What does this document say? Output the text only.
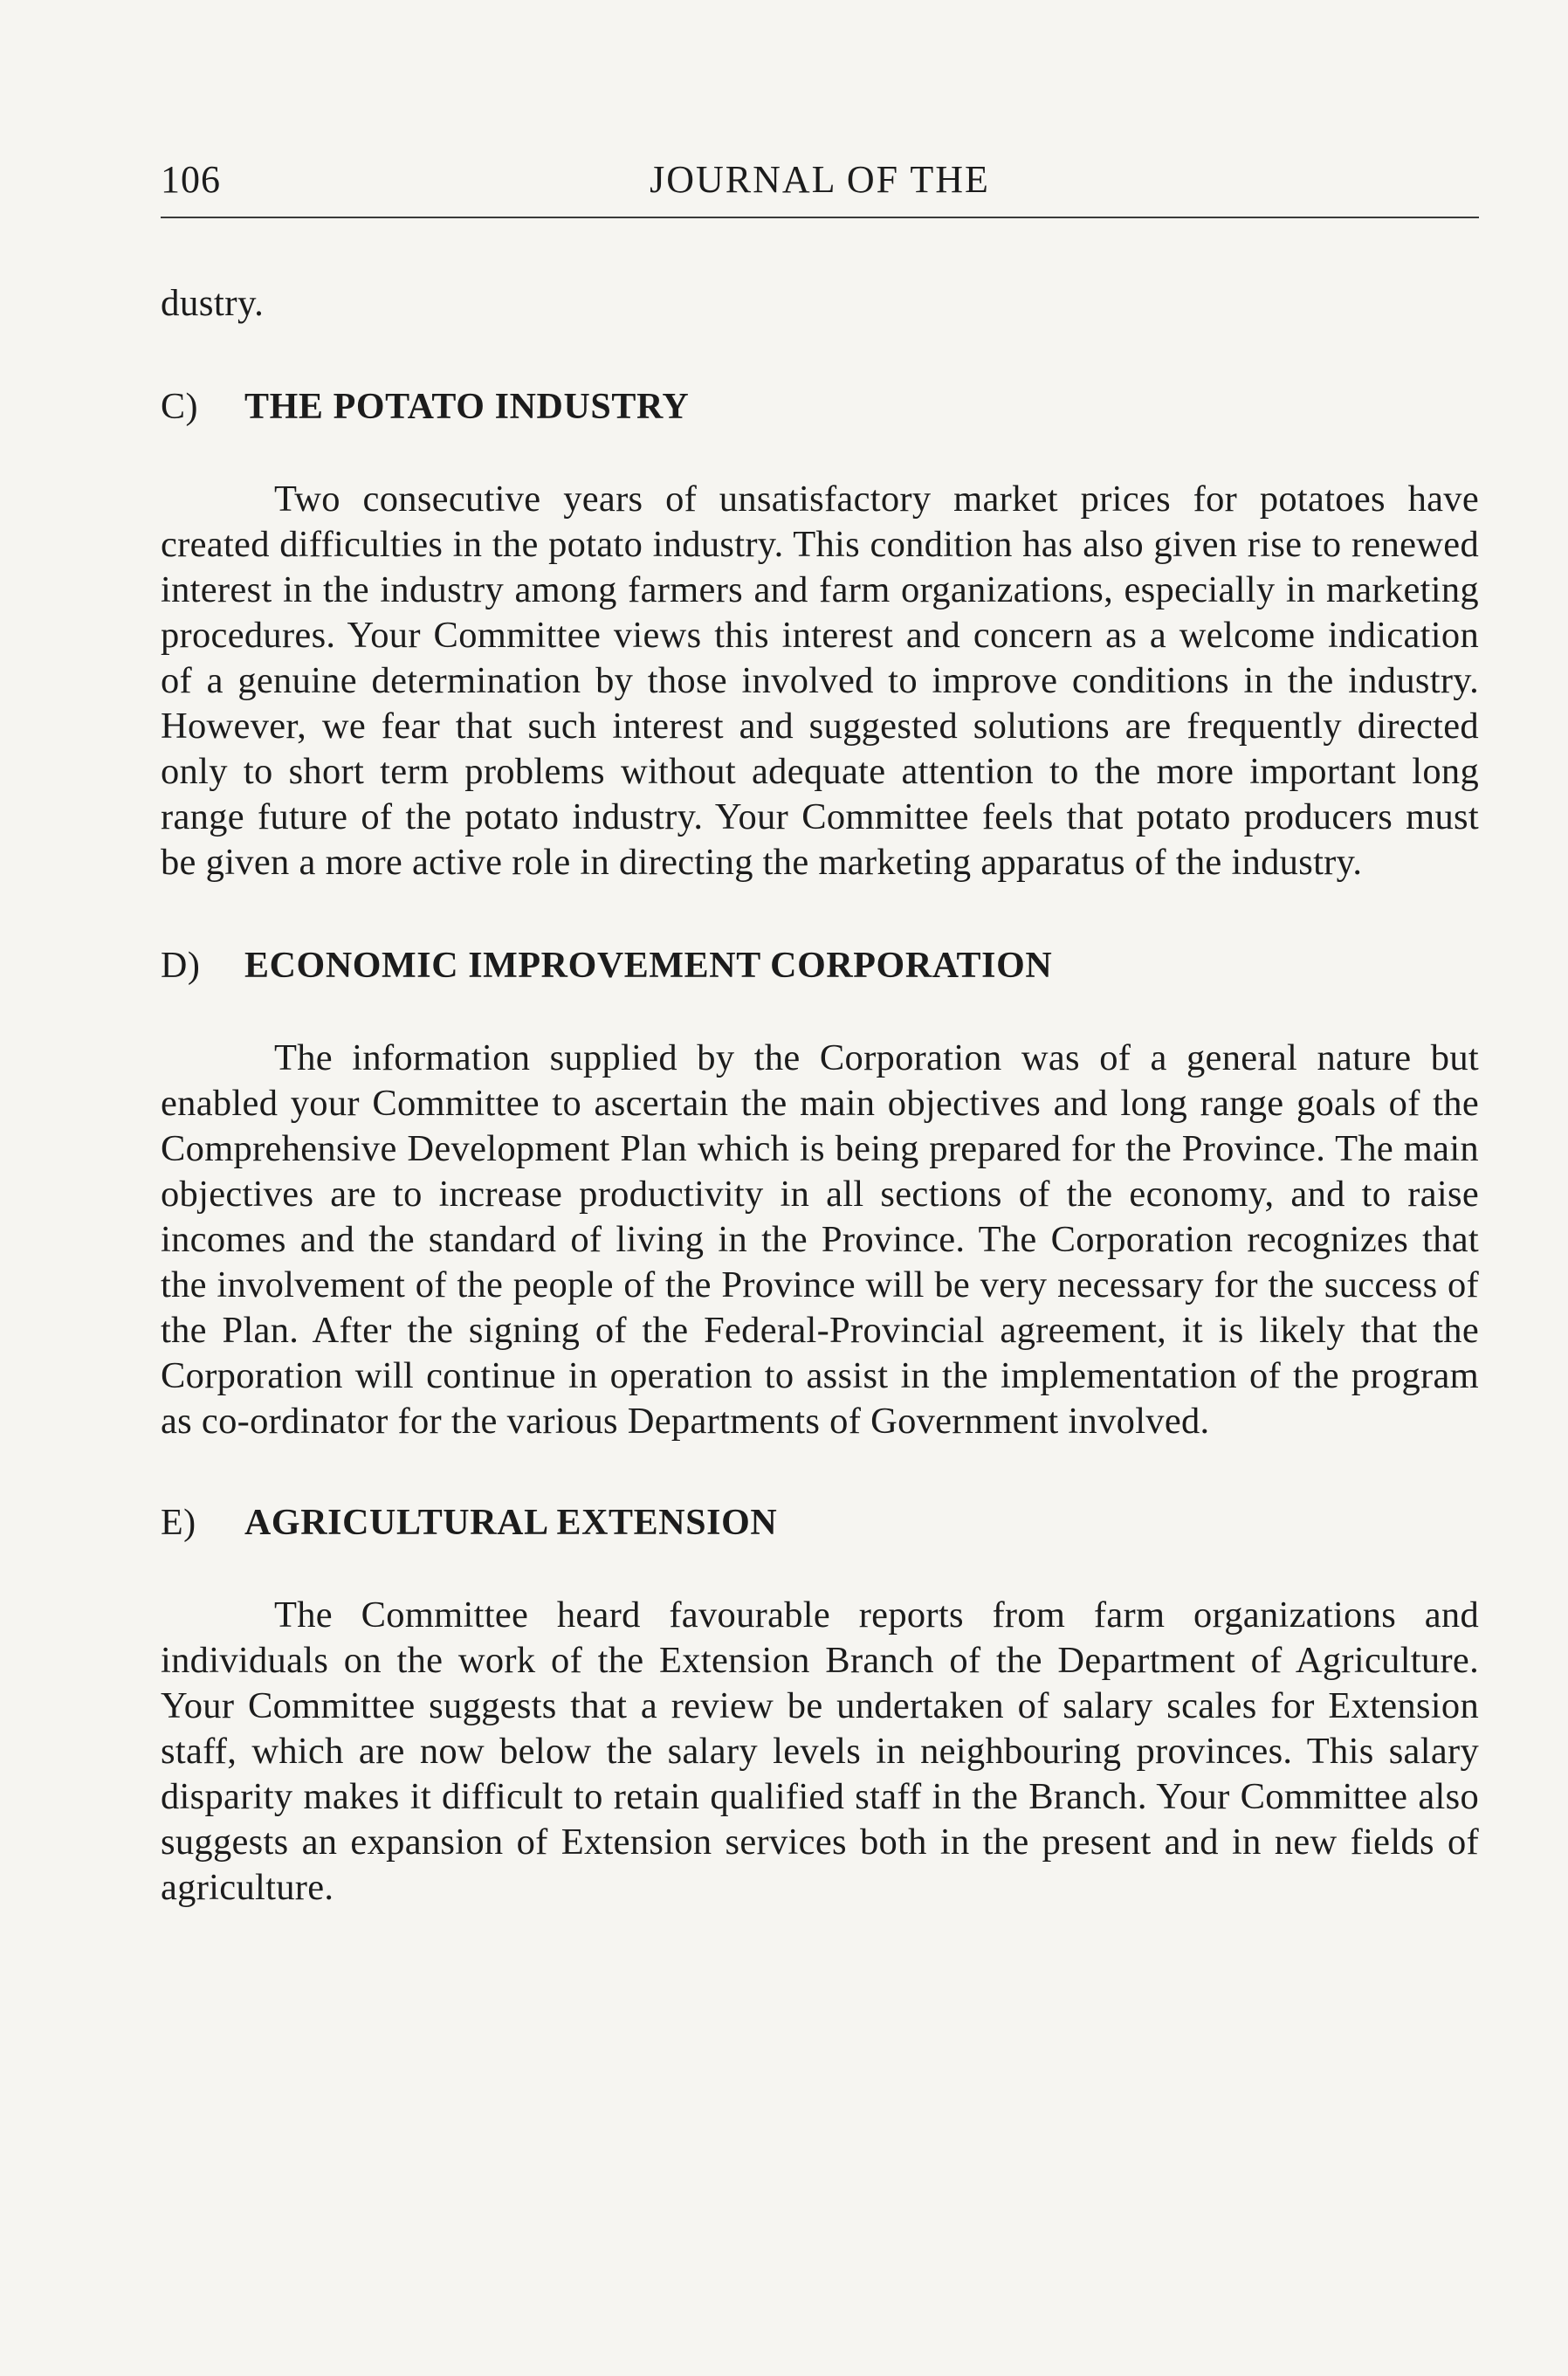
106	JOURNAL OF THE

dustry.

C)	THE POTATO INDUSTRY

Two consecutive years of unsatisfactory market prices for potatoes have created difficulties in the potato industry. This condition has also given rise to renewed interest in the industry among farmers and farm organizations, especially in marketing procedures. Your Committee views this interest and concern as a welcome indication of a genuine determination by those involved to improve conditions in the industry. However, we fear that such interest and suggested solutions are frequently directed only to short term problems without adequate attention to the more important long range future of the potato industry. Your Committee feels that potato producers must be given a more active role in directing the marketing apparatus of the industry.

D)	ECONOMIC IMPROVEMENT CORPORATION

The information supplied by the Corporation was of a general nature but enabled your Committee to ascertain the main objectives and long range goals of the Comprehensive Development Plan which is being prepared for the Province. The main objectives are to increase productivity in all sections of the economy, and to raise incomes and the standard of living in the Province. The Corporation recognizes that the involvement of the people of the Province will be very necessary for the success of the Plan. After the signing of the Federal-Provincial agreement, it is likely that the Corporation will continue in operation to assist in the implementation of the program as co-ordinator for the various Departments of Government involved.

E)	AGRICULTURAL EXTENSION

The Committee heard favourable reports from farm organizations and individuals on the work of the Extension Branch of the Department of Agriculture. Your Committee suggests that a review be undertaken of salary scales for Extension staff, which are now below the salary levels in neighbouring provinces. This salary disparity makes it difficult to retain qualified staff in the Branch. Your Committee also suggests an expansion of Extension services both in the present and in new fields of agriculture.
